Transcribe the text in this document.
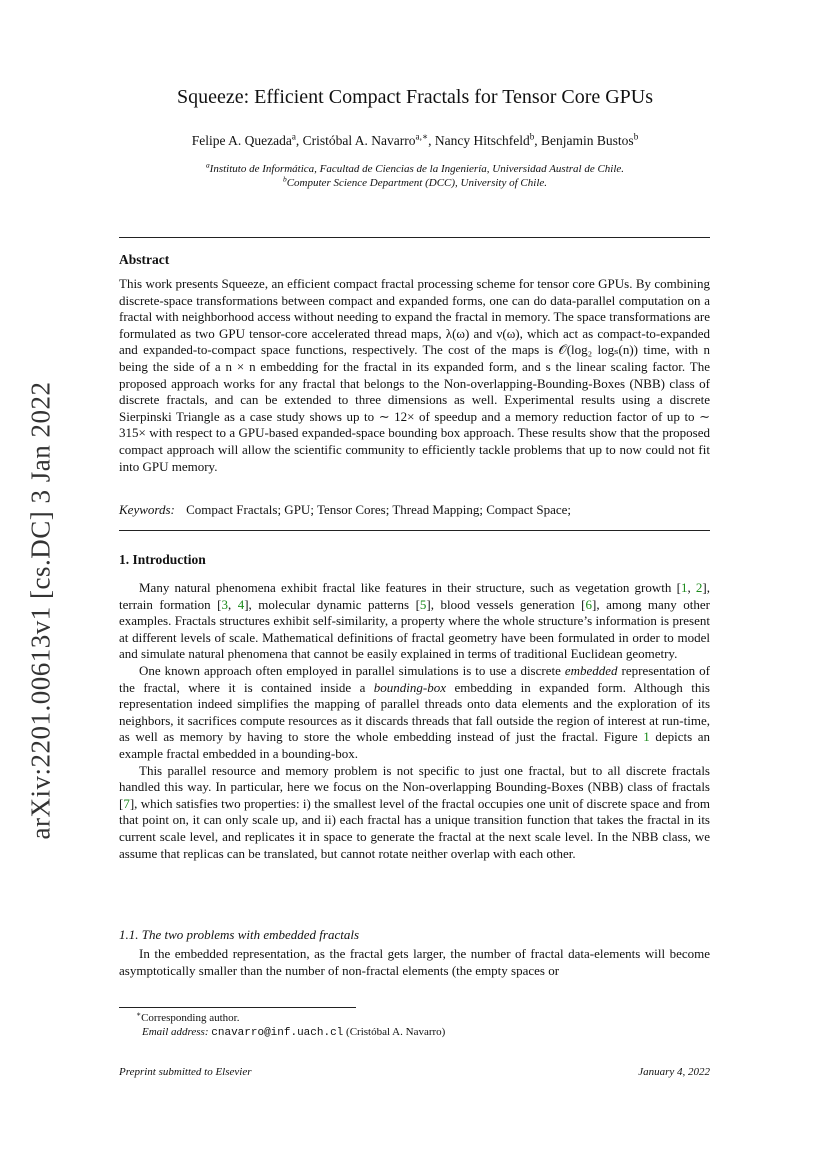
arXiv:2201.00613v1 [cs.DC] 3 Jan 2022
Squeeze: Efficient Compact Fractals for Tensor Core GPUs
Felipe A. Quezada$^a$, Cristóbal A. Navarro$^{a,∗}$, Nancy Hitschfeld$^b$, Benjamin Bustos$^b$
$^a$Instituto de Informática, Facultad de Ciencias de la Ingeniería, Universidad Austral de Chile.
$^b$Computer Science Department (DCC), University of Chile.
Abstract

This work presents Squeeze, an efficient compact fractal processing scheme for tensor core GPUs. By combining discrete-space transformations between compact and expanded forms, one can do data-parallel computation on a fractal with neighborhood access without needing to expand the fractal in memory. The space transformations are formulated as two GPU tensor-core accelerated thread maps, λ(ω) and ν(ω), which act as compact-to-expanded and expanded-to-compact space functions, respectively. The cost of the maps is 𝒪(log₂ logₛ(n)) time, with n being the side of a n × n embedding for the fractal in its expanded form, and s the linear scaling factor. The proposed approach works for any fractal that belongs to the Non-overlapping-Bounding-Boxes (NBB) class of discrete fractals, and can be extended to three dimensions as well. Experimental results using a discrete Sierpinski Triangle as a case study shows up to ∼ 12× of speedup and a memory reduction factor of up to ∼ 315× with respect to a GPU-based expanded-space bounding box approach. These results show that the proposed compact approach will allow the scientific community to efficiently tackle problems that up to now could not fit into GPU memory.

Keywords: Compact Fractals; GPU; Tensor Cores; Thread Mapping; Compact Space;
1. Introduction

Many natural phenomena exhibit fractal like features in their structure, such as vegetation growth [1, 2], terrain formation [3, 4], molecular dynamic patterns [5], blood vessels generation [6], among many other examples. Fractals structures exhibit self-similarity, a property where the whole structure’s information is present at different levels of scale. Mathematical definitions of fractal geometry have been formulated in order to model and simulate natural phenomena that cannot be easily explained in terms of traditional Euclidean geometry.

One known approach often employed in parallel simulations is to use a discrete embedded representation of the fractal, where it is contained inside a bounding-box embedding in expanded form. Although this representation indeed simplifies the mapping of parallel threads onto data elements and the exploration of its neighbors, it sacrifices compute resources as it discards threads that fall outside the region of interest at run-time, as well as memory by having to store the whole embedding instead of just the fractal. Figure 1 depicts an example fractal embedded in a bounding-box.

This parallel resource and memory problem is not specific to just one fractal, but to all discrete fractals handled this way. In particular, here we focus on the Non-overlapping Bounding-Boxes (NBB) class of fractals [7], which satisfies two properties: i) the smallest level of the fractal occupies one unit of discrete space and from that point on, it can only scale up, and ii) each fractal has a unique transition function that takes the fractal in its current scale level, and replicates it in space to generate the fractal at the next scale level. In the NBB class, we assume that replicas can be translated, but cannot rotate neither overlap with each other.

1.1. The two problems with embedded fractals

In the embedded representation, as the fractal gets larger, the number of fractal data-elements will become asymptotically smaller than the number of non-fractal elements (the empty spaces or

∗Corresponding author.
Email address: cnavarro@inf.uach.cl (Cristóbal A. Navarro)
Preprint submitted to Elsevier	January 4, 2022
